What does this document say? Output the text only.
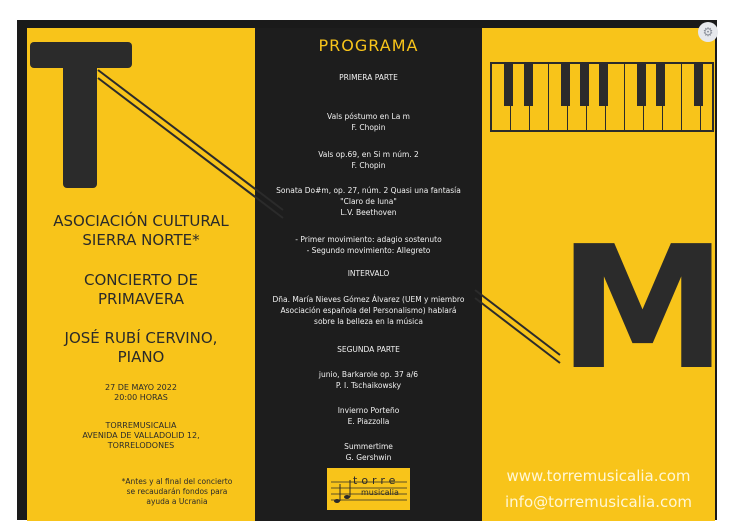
ASOCIACIÓN CULTURAL
SIERRA NORTE*
CONCIERTO DE
PRIMAVERA
JOSÉ RUBÍ CERVINO,
PIANO
27 DE MAYO 2022
20:00 HORAS
TORREMUSICALIA
AVENIDA DE VALLADOLID 12,
TORRELODONES
*Antes y al final del concierto
se recaudarán fondos para
ayuda a Ucrania
PROGRAMA
PRIMERA PARTE
Vals póstumo en La m
F. Chopin
Vals op.69, en Si m núm. 2
F. Chopin
Sonata Do#m, op. 27, núm. 2 Quasi una fantasía
"Claro de luna"
L.V. Beethoven
- Primer movimiento: adagio sostenuto
- Segundo movimiento: Allegreto
INTERVALO
Dña. María Nieves Gómez Álvarez (UEM y miembro
Asociación española del Personalismo) hablará
sobre la belleza en la música
SEGUNDA PARTE
junio, Barkarole op. 37 a/6
P. I. Tschaikowsky
Invierno Porteño
E. Piazzolla
Summertime
G. Gershwin
torre
musicalia
M
www.torremusicalia.com
info@torremusicalia.com
⚙
